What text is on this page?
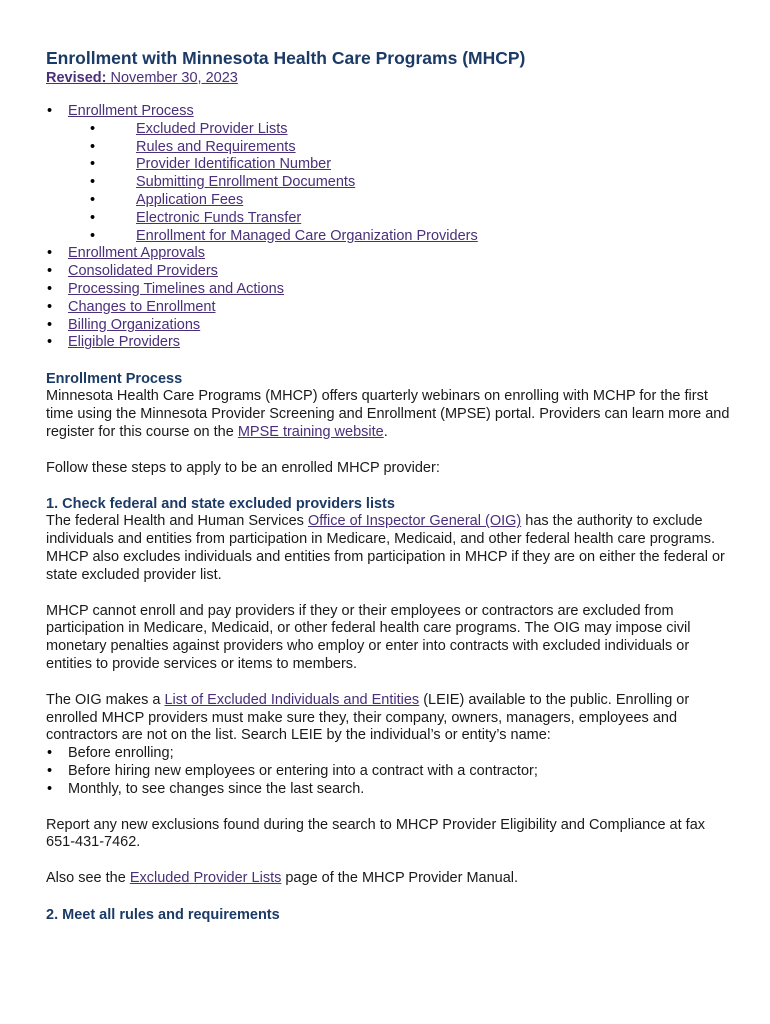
Enrollment with Minnesota Health Care Programs (MHCP)
Revised: November 30, 2023
• Enrollment Process
• Excluded Provider Lists
• Rules and Requirements
• Provider Identification Number
• Submitting Enrollment Documents
• Application Fees
• Electronic Funds Transfer
• Enrollment for Managed Care Organization Providers
• Enrollment Approvals
• Consolidated Providers
• Processing Timelines and Actions
• Changes to Enrollment
• Billing Organizations
• Eligible Providers
Enrollment Process

Minnesota Health Care Programs (MHCP) offers quarterly webinars on enrolling with MCHP for the first time using the Minnesota Provider Screening and Enrollment (MPSE) portal. Providers can learn more and register for this course on the MPSE training website.

Follow these steps to apply to be an enrolled MHCP provider:

1. Check federal and state excluded providers lists

The federal Health and Human Services Office of Inspector General (OIG) has the authority to exclude individuals and entities from participation in Medicare, Medicaid, and other federal health care programs. MHCP also excludes individuals and entities from participation in MHCP if they are on either the federal or state excluded provider list.

MHCP cannot enroll and pay providers if they or their employees or contractors are excluded from participation in Medicare, Medicaid, or other federal health care programs. The OIG may impose civil monetary penalties against providers who employ or enter into contracts with excluded individuals or entities to provide services or items to members.

The OIG makes a List of Excluded Individuals and Entities (LEIE) available to the public. Enrolling or enrolled MHCP providers must make sure they, their company, owners, managers, employees and contractors are not on the list. Search LEIE by the individual’s or entity’s name:

• Before enrolling;
• Before hiring new employees or entering into a contract with a contractor;
• Monthly, to see changes since the last search.

Report any new exclusions found during the search to MHCP Provider Eligibility and Compliance at fax 651-431-7462.

Also see the Excluded Provider Lists page of the MHCP Provider Manual.

2. Meet all rules and requirements
